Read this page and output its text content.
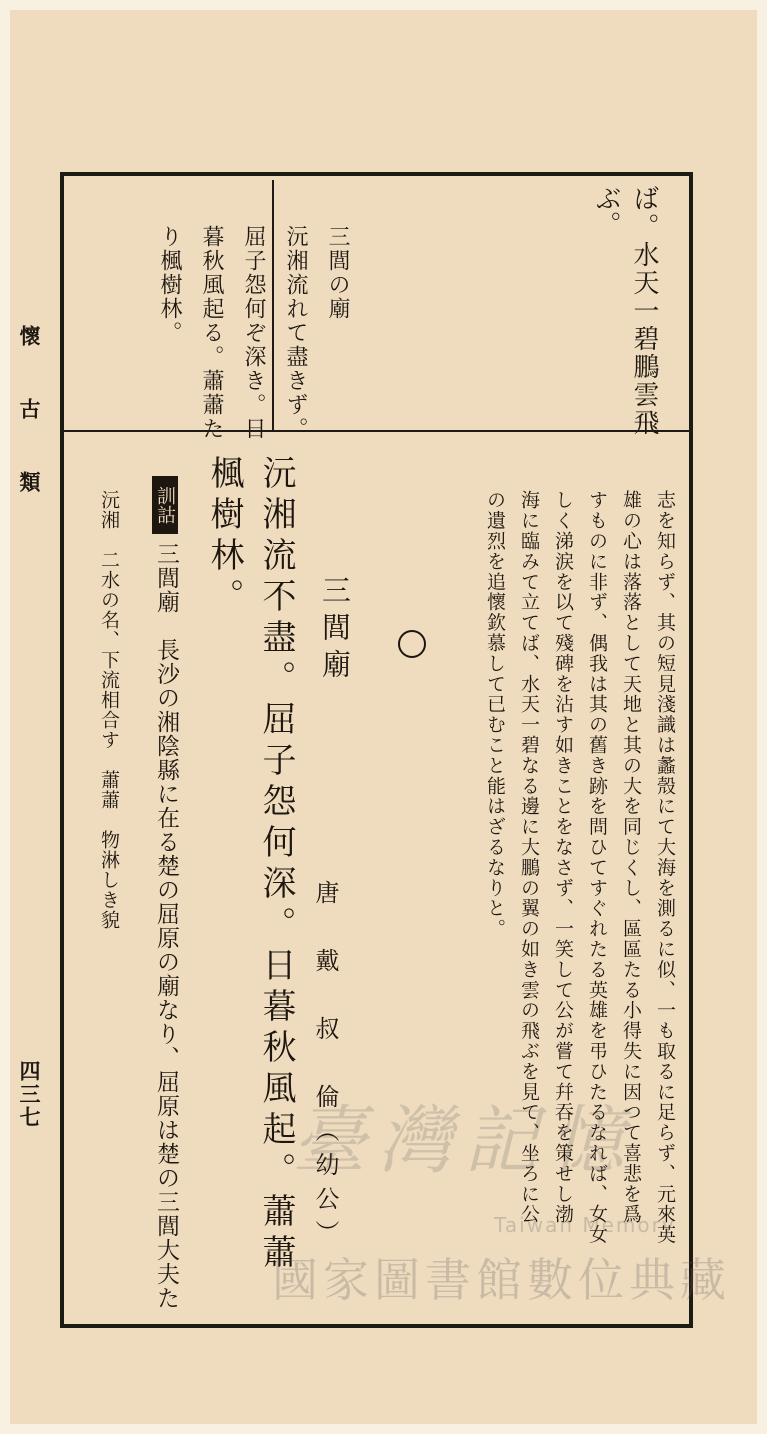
懷古類
四三七
ば。水天一碧鵬雲飛
ぶ。
三閭の廟
沅湘流れて盡きず。
屈子怨何ぞ深き。日
暮秋風起る。蕭蕭た
り楓樹林。
志を知らず、其の短見淺識は蠡殼にて大海を測るに似、一も取るに足らず、元來英
雄の心は落落として天地と其の大を同じくし、區區たる小得失に因つて喜悲を爲
すものに非ず、偶我は其の舊き跡を問ひてすぐれたる英雄を弔ひたるなれば、女女
しく涕涙を以て殘碑を沾す如きことをなさず、一笑して公が嘗て幷吞を策せし渤
海に臨みて立てば、水天一碧なる邊に大鵬の翼の如き雲の飛ぶを見て、坐ろに公
の遺烈を追懷欽慕して已むこと能はざるなりと。
三閭廟
唐　戴　叔　倫（幼公）
沅湘流不盡。屈子怨何深。日暮秋風起。蕭蕭
楓樹林。
訓詁
三閭廟　長沙の湘陰縣に在る楚の屈原の廟なり、屈原は楚の三閭大夫た
沅湘　二水の名、下流相合す　蕭蕭　物淋しき貌
臺灣記憶
Taiwan Memory
國家圖書館數位典藏
